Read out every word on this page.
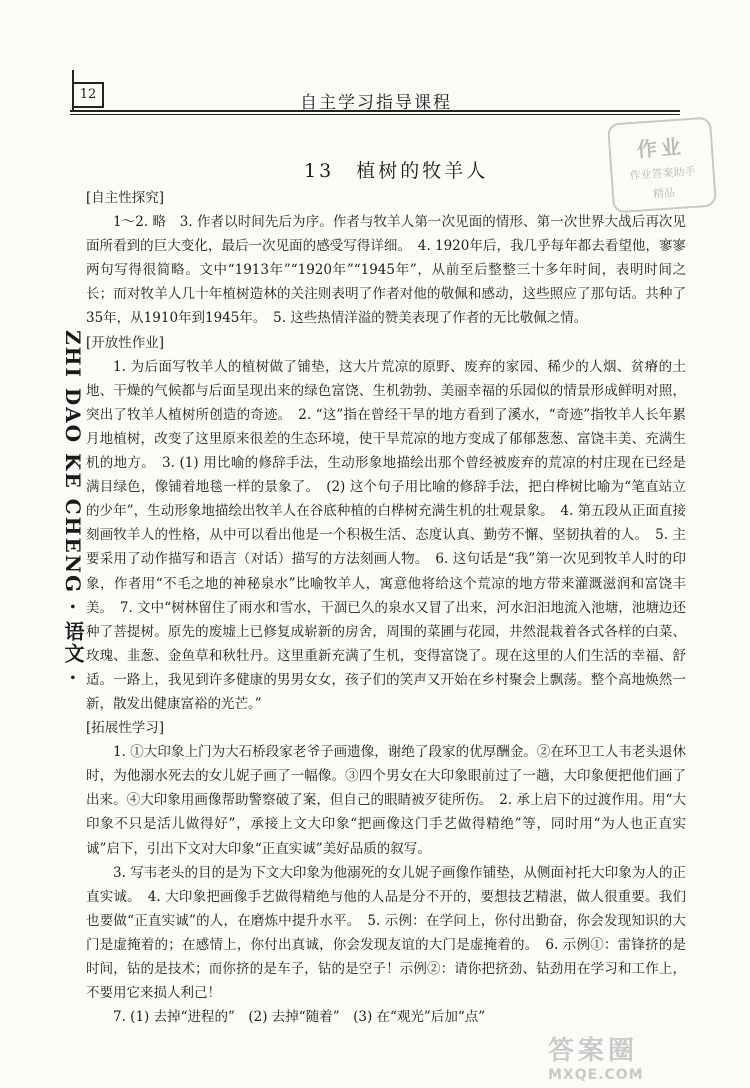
12	自主学习指导课程
ZHI DAO KE CHENG · 语文 ·
作业
作业答案助手
精品
13 植树的牧羊人

[自主性探究]

1～2. 略　3. 作者以时间先后为序。作者与牧羊人第一次见面的情形、第一次世界大战后再次见面所看到的巨大变化，最后一次见面的感受写得详细。　4. 1920年后，我几乎每年都去看望他，寥寥两句写得很简略。文中“1913年”“1920年”“1945年”，从前至后整整三十多年时间，表明时间之长；而对牧羊人几十年植树造林的关注则表明了作者对他的敬佩和感动，这些照应了那句话。共种了35年，从1910年到1945年。　5. 这些热情洋溢的赞美表现了作者的无比敬佩之情。

[开放性作业]

1. 为后面写牧羊人的植树做了铺垫，这大片荒凉的原野、废弃的家园、稀少的人烟、贫瘠的土地、干燥的气候都与后面呈现出来的绿色富饶、生机勃勃、美丽幸福的乐园似的情景形成鲜明对照，突出了牧羊人植树所创造的奇迹。　2. “这”指在曾经干旱的地方看到了溪水，“奇迹”指牧羊人长年累月地植树，改变了这里原来很差的生态环境，使干旱荒凉的地方变成了郁郁葱葱、富饶丰美、充满生机的地方。　3. (1) 用比喻的修辞手法，生动形象地描绘出那个曾经被废弃的荒凉的村庄现在已经是满目绿色，像铺着地毯一样的景象了。　(2) 这个句子用比喻的修辞手法，把白桦树比喻为“笔直站立的少年”，生动形象地描绘出牧羊人在谷底种植的白桦树充满生机的壮观景象。　4. 第五段从正面直接刻画牧羊人的性格，从中可以看出他是一个积极生活、态度认真、勤劳不懈、坚韧执着的人。　5. 主要采用了动作描写和语言（对话）描写的方法刻画人物。　6. 这句话是“我”第一次见到牧羊人时的印象，作者用“不毛之地的神秘泉水”比喻牧羊人，寓意他将给这个荒凉的地方带来灌溉滋润和富饶丰美。　7. 文中“树林留住了雨水和雪水，干涸已久的泉水又冒了出来，河水汩汩地流入池塘，池塘边还种了菩提树。原先的废墟上已修复成崭新的房舍，周围的菜圃与花园，井然混栽着各式各样的白菜、玫瑰、韭葱、金鱼草和秋牡丹。这里重新充满了生机，变得富饶了。现在这里的人们生活的幸福、舒适。一路上，我见到许多健康的男男女女，孩子们的笑声又开始在乡村聚会上飘荡。整个高地焕然一新，散发出健康富裕的光芒。”

[拓展性学习]

1. ①大印象上门为大石桥段家老爷子画遗像，谢绝了段家的优厚酬金。②在环卫工人韦老头退休时，为他溺水死去的女儿妮子画了一幅像。③四个男女在大印象眼前过了一趟，大印象便把他们画了出来。④大印象用画像帮助警察破了案，但自己的眼睛被歹徒所伤。　2. 承上启下的过渡作用。用“大印象不只是活儿做得好”，承接上文大印象“把画像这门手艺做得精绝”等，同时用“为人也正直实诚”启下，引出下文对大印象“正直实诚”美好品质的叙写。

3. 写韦老头的目的是为下文大印象为他溺死的女儿妮子画像作铺垫，从侧面衬托大印象为人的正直实诚。　4. 大印象把画像手艺做得精绝与他的人品是分不开的，要想技艺精湛，做人很重要。我们也要做“正直实诚”的人，在磨炼中提升水平。　5. 示例：在学问上，你付出勤奋，你会发现知识的大门是虚掩着的；在感情上，你付出真诚，你会发现友谊的大门是虚掩着的。　6. 示例①：雷锋挤的是时间，钻的是技术；而你挤的是车子，钻的是空子！示例②：请你把挤劲、钻劲用在学习和工作上，不要用它来损人利己！

7. (1) 去掉“进程的”　(2) 去掉“随着”　(3) 在“观光”后加“点”

答案圈
MXQE.COM
